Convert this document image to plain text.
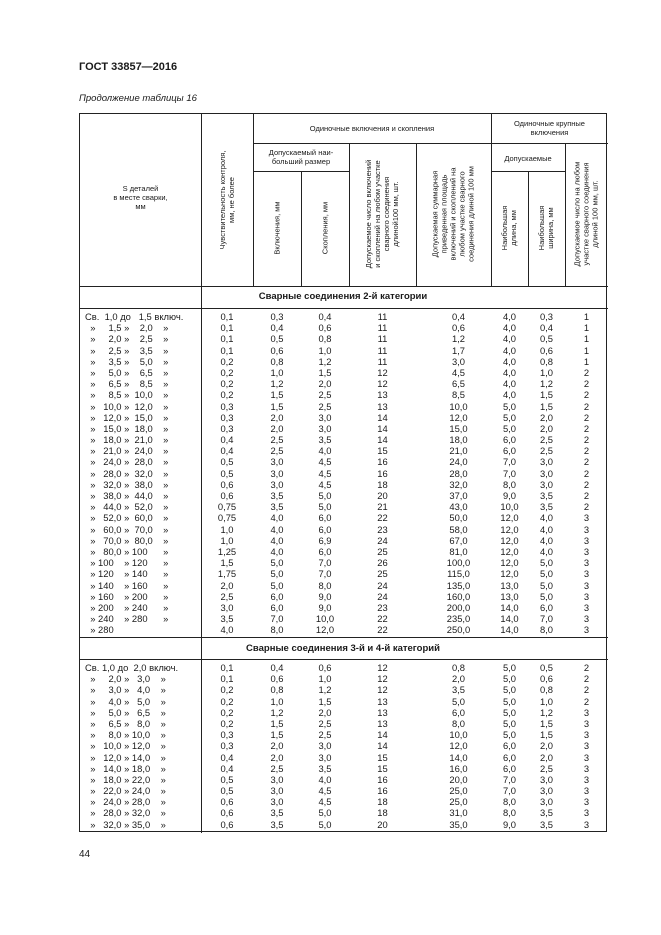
ГОСТ 33857—2016
Продолжение таблицы 16
S деталей
в месте сварки,
мм	Чувствительность контроля,
мм, не более
Одиночные включения и скопления
Допускаемый наи-
больший размер
Включения, мм	Скопления, мм	Допускаемое число включений
и скоплений на любом участке
сварного соединения
длиной100 мм, шт.
Допускаемая суммарная
приведенная площадь
включений и скоплений на
любом участке сварного
соединения длиной 100 мм
Одиночные крупные
включения
Допускаемые
Наибольшая
длина, мм	Наибольшая
ширина, мм
Допускаемое число на любом
участке сварного соединения
длиной 100 мм, шт.
Сварные соединения 2-й категории
Св.  1,0 до   1,5 включ.	0,1	0,3	0,4	11	0,4	4,0	0,3	1
»     1,5 »    2,0    »	0,1	0,4	0,6	11	0,6	4,0	0,4	1
»     2,0 »    2,5    »	0,1	0,5	0,8	11	1,2	4,0	0,5	1
»     2,5 »    3,5    »	0,1	0,6	1,0	11	1,7	4,0	0,6	1
»     3,5 »    5,0    »	0,2	0,8	1,2	11	3,0	4,0	0,8	1
»     5,0 »    6,5    »	0,2	1,0	1,5	12	4,5	4,0	1,0	2
»     6,5 »    8,5    »	0,2	1,2	2,0	12	6,5	4,0	1,2	2
»     8,5 »  10,0    »	0,2	1,5	2,5	13	8,5	4,0	1,5	2
»   10,0 »  12,0    »	0,3	1,5	2,5	13	10,0	5,0	1,5	2
»   12,0 »  15,0    »	0,3	2,0	3,0	14	12,0	5,0	2,0	2
»   15,0 »  18,0    »	0,3	2,0	3,0	14	15,0	5,0	2,0	2
»   18,0 »  21,0    »	0,4	2,5	3,5	14	18,0	6,0	2,5	2
»   21,0 »  24,0    »	0,4	2,5	4,0	15	21,0	6,0	2,5	2
»   24,0 »  28,0    »	0,5	3,0	4,5	16	24,0	7,0	3,0	2
»   28,0 »  32,0    »	0,5	3,0	4,5	16	28,0	7,0	3,0	2
»   32,0 »  38,0    »	0,6	3,0	4,5	18	32,0	8,0	3,0	2
»   38,0 »  44,0    »	0,6	3,5	5,0	20	37,0	9,0	3,5	2
»   44,0 »  52,0    »	0,75	3,5	5,0	21	43,0	10,0	3,5	2
»   52,0 »  60,0    »	0,75	4,0	6,0	22	50,0	12,0	4,0	3
»   60,0 »  70,0    »	1,0	4,0	6,0	23	58,0	12,0	4,0	3
»   70,0 »  80,0    »	1,0	4,0	6,9	24	67,0	12,0	4,0	3
»   80,0 » 100      »	1,25	4,0	6,0	25	81,0	12,0	4,0	3
» 100    » 120      »	1,5	5,0	7,0	26	100,0	12,0	5,0	3
» 120    » 140      »	1,75	5,0	7,0	25	115,0	12,0	5,0	3
» 140    » 160      »	2,0	5,0	8,0	24	135,0	13,0	5,0	3
» 160    » 200      »	2,5	6,0	9,0	24	160,0	13,0	5,0	3
» 200    » 240      »	3,0	6,0	9,0	23	200,0	14,0	6,0	3
» 240    » 280      »	3,5	7,0	10,0	22	235,0	14,0	7,0	3
» 280	4,0	8,0	12,0	22	250,0	14,0	8,0	3
Сварные соединения 3-й и 4-й категорий
Св. 1,0 до  2,0 включ.	0,1	0,4	0,6	12	0,8	5,0	0,5	2
»     2,0 »   3,0    »	0,1	0,6	1,0	12	2,0	5,0	0,6	2
»     3,0 »   4,0    »	0,2	0,8	1,2	12	3,5	5,0	0,8	2
»     4,0 »   5,0    »	0,2	1,0	1,5	13	5,0	5,0	1,0	2
»     5,0 »   6,5    »	0,2	1,2	2,0	13	6,0	5,0	1,2	3
»     6,5 »   8,0    »	0,2	1,5	2,5	13	8,0	5,0	1,5	3
»     8,0 » 10,0    »	0,3	1,5	2,5	14	10,0	5,0	1,5	3
»   10,0 » 12,0    »	0,3	2,0	3,0	14	12,0	6,0	2,0	3
»   12,0 » 14,0    »	0,4	2,0	3,0	15	14,0	6,0	2,0	3
»   14,0 » 18,0    »	0,4	2,5	3,5	15	16,0	6,0	2,5	3
»   18,0 » 22,0    »	0,5	3,0	4,0	16	20,0	7,0	3,0	3
»   22,0 » 24,0    »	0,5	3,0	4,5	16	25,0	7,0	3,0	3
»   24,0 » 28,0    »	0,6	3,0	4,5	18	25,0	8,0	3,0	3
»   28,0 » 32,0    »	0,6	3,5	5,0	18	31,0	8,0	3,5	3
»   32,0 » 35,0    »	0,6	3,5	5,0	20	35,0	9,0	3,5	3
44
